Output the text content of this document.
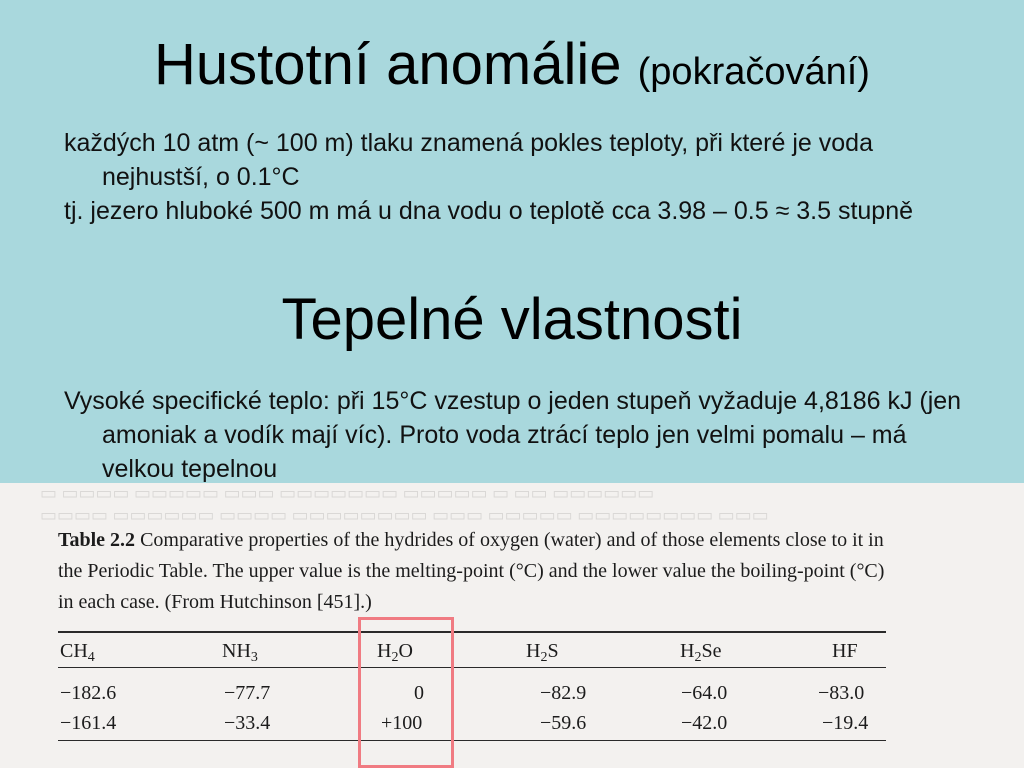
Hustotní anomálie (pokračování)

každých 10 atm (~ 100 m) tlaku znamená pokles teploty, při které je voda nejhustší, o 0.1°C

tj. jezero hluboké 500 m má u dna vodu o teplotě cca 3.98 – 0.5 ≈ 3.5 stupně

Tepelné vlastnosti

Vysoké specifické teplo: při 15°C vzestup o jeden stupeň vyžaduje 4,8186 kJ (jen amoniak a vodík mají víc). Proto voda ztrácí teplo jen velmi pomalu – má velkou tepelnou

▭ ▭▭▭▭ ▭▭▭▭▭ ▭▭▭ ▭▭▭▭▭▭▭ ▭▭▭▭▭ ▭ ▭▭ ▭▭▭▭▭▭
▭▭▭▭ ▭▭▭▭▭▭ ▭▭▭▭ ▭▭▭▭▭▭▭▭ ▭▭▭ ▭▭▭▭▭ ▭▭▭▭▭▭▭▭ ▭▭▭
Table 2.2 Comparative properties of the hydrides of oxygen (water) and of those elements close to it in the Periodic Table. The upper value is the melting-point (°C) and the lower value the boiling-point (°C) in each case. (From Hutchinson [451].)
$CH_4$	$NH_3$	$H_2O$	$H_2S$	$H_2Se$	HF
−182.6	−77.7	0	−82.9	−64.0	−83.0
−161.4	−33.4	+100	−59.6	−42.0	−19.4
